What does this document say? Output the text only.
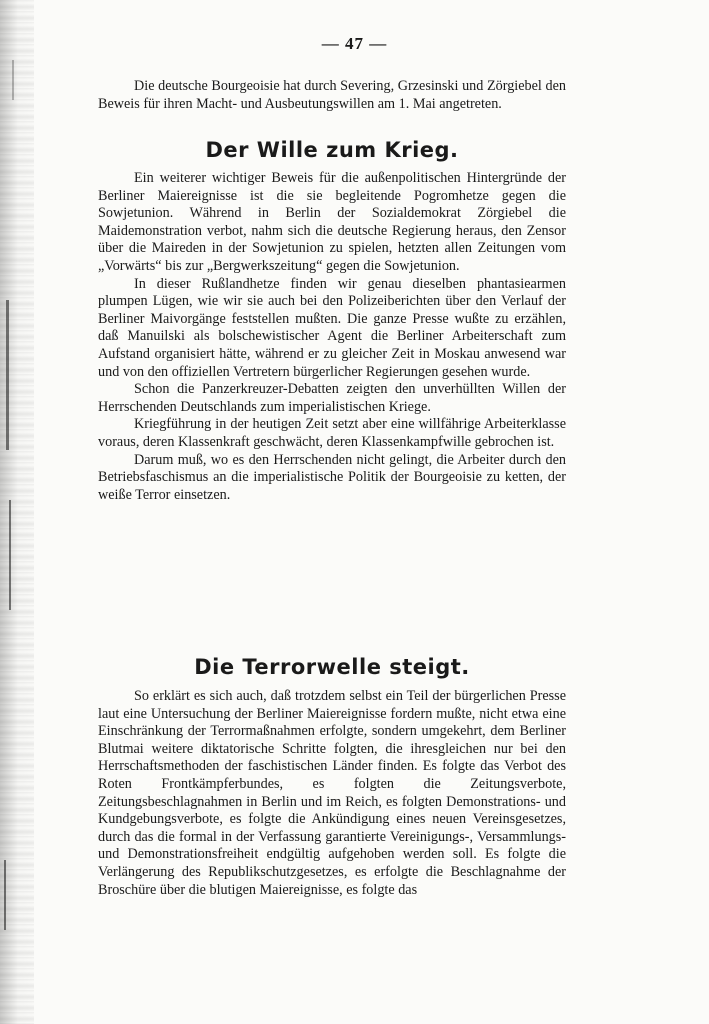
— 47 —

Die deutsche Bourgeoisie hat durch Severing, Grzesinski und Zörgiebel den Beweis für ihren Macht- und Ausbeutungswillen am 1. Mai angetreten.

Der Wille zum Krieg.

Ein weiterer wichtiger Beweis für die außenpolitischen Hintergründe der Berliner Maiereignisse ist die sie begleitende Pogromhetze gegen die Sowjetunion. Während in Berlin der Sozialdemokrat Zörgiebel die Maidemonstration verbot, nahm sich die deutsche Regierung heraus, den Zensor über die Maireden in der Sowjetunion zu spielen, hetzten allen Zeitungen vom „Vorwärts“ bis zur „Bergwerkszeitung“ gegen die Sowjetunion.

In dieser Rußlandhetze finden wir genau dieselben phantasiearmen plumpen Lügen, wie wir sie auch bei den Polizeiberichten über den Verlauf der Berliner Maivorgänge feststellen mußten. Die ganze Presse wußte zu erzählen, daß Manuilski als bolschewistischer Agent die Berliner Arbeiterschaft zum Aufstand organisiert hätte, während er zu gleicher Zeit in Moskau anwesend war und von den offiziellen Vertretern bürgerlicher Regierungen gesehen wurde.

Schon die Panzerkreuzer-Debatten zeigten den unverhüllten Willen der Herrschenden Deutschlands zum imperialistischen Kriege.

Kriegführung in der heutigen Zeit setzt aber eine willfährige Arbeiterklasse voraus, deren Klassenkraft geschwächt, deren Klassenkampfwille gebrochen ist.

Darum muß, wo es den Herrschenden nicht gelingt, die Arbeiter durch den Betriebsfaschismus an die imperialistische Politik der Bourgeoisie zu ketten, der weiße Terror einsetzen.

Die Terrorwelle steigt.

So erklärt es sich auch, daß trotzdem selbst ein Teil der bürgerlichen Presse laut eine Untersuchung der Berliner Maiereignisse fordern mußte, nicht etwa eine Einschränkung der Terrormaßnahmen erfolgte, sondern umgekehrt, dem Berliner Blutmai weitere diktatorische Schritte folgten, die ihresgleichen nur bei den Herrschaftsmethoden der faschistischen Länder finden. Es folgte das Verbot des Roten Frontkämpferbundes, es folgten die Zeitungsverbote, Zeitungsbeschlagnahmen in Berlin und im Reich, es folgten Demonstrations- und Kundgebungsverbote, es folgte die Ankündigung eines neuen Vereinsgesetzes, durch das die formal in der Verfassung garantierte Vereinigungs-, Versammlungs- und Demonstrationsfreiheit endgültig aufgehoben werden soll. Es folgte die Verlängerung des Republikschutzgesetzes, es erfolgte die Beschlagnahme der Broschüre über die blutigen Maiereignisse, es folgte das
